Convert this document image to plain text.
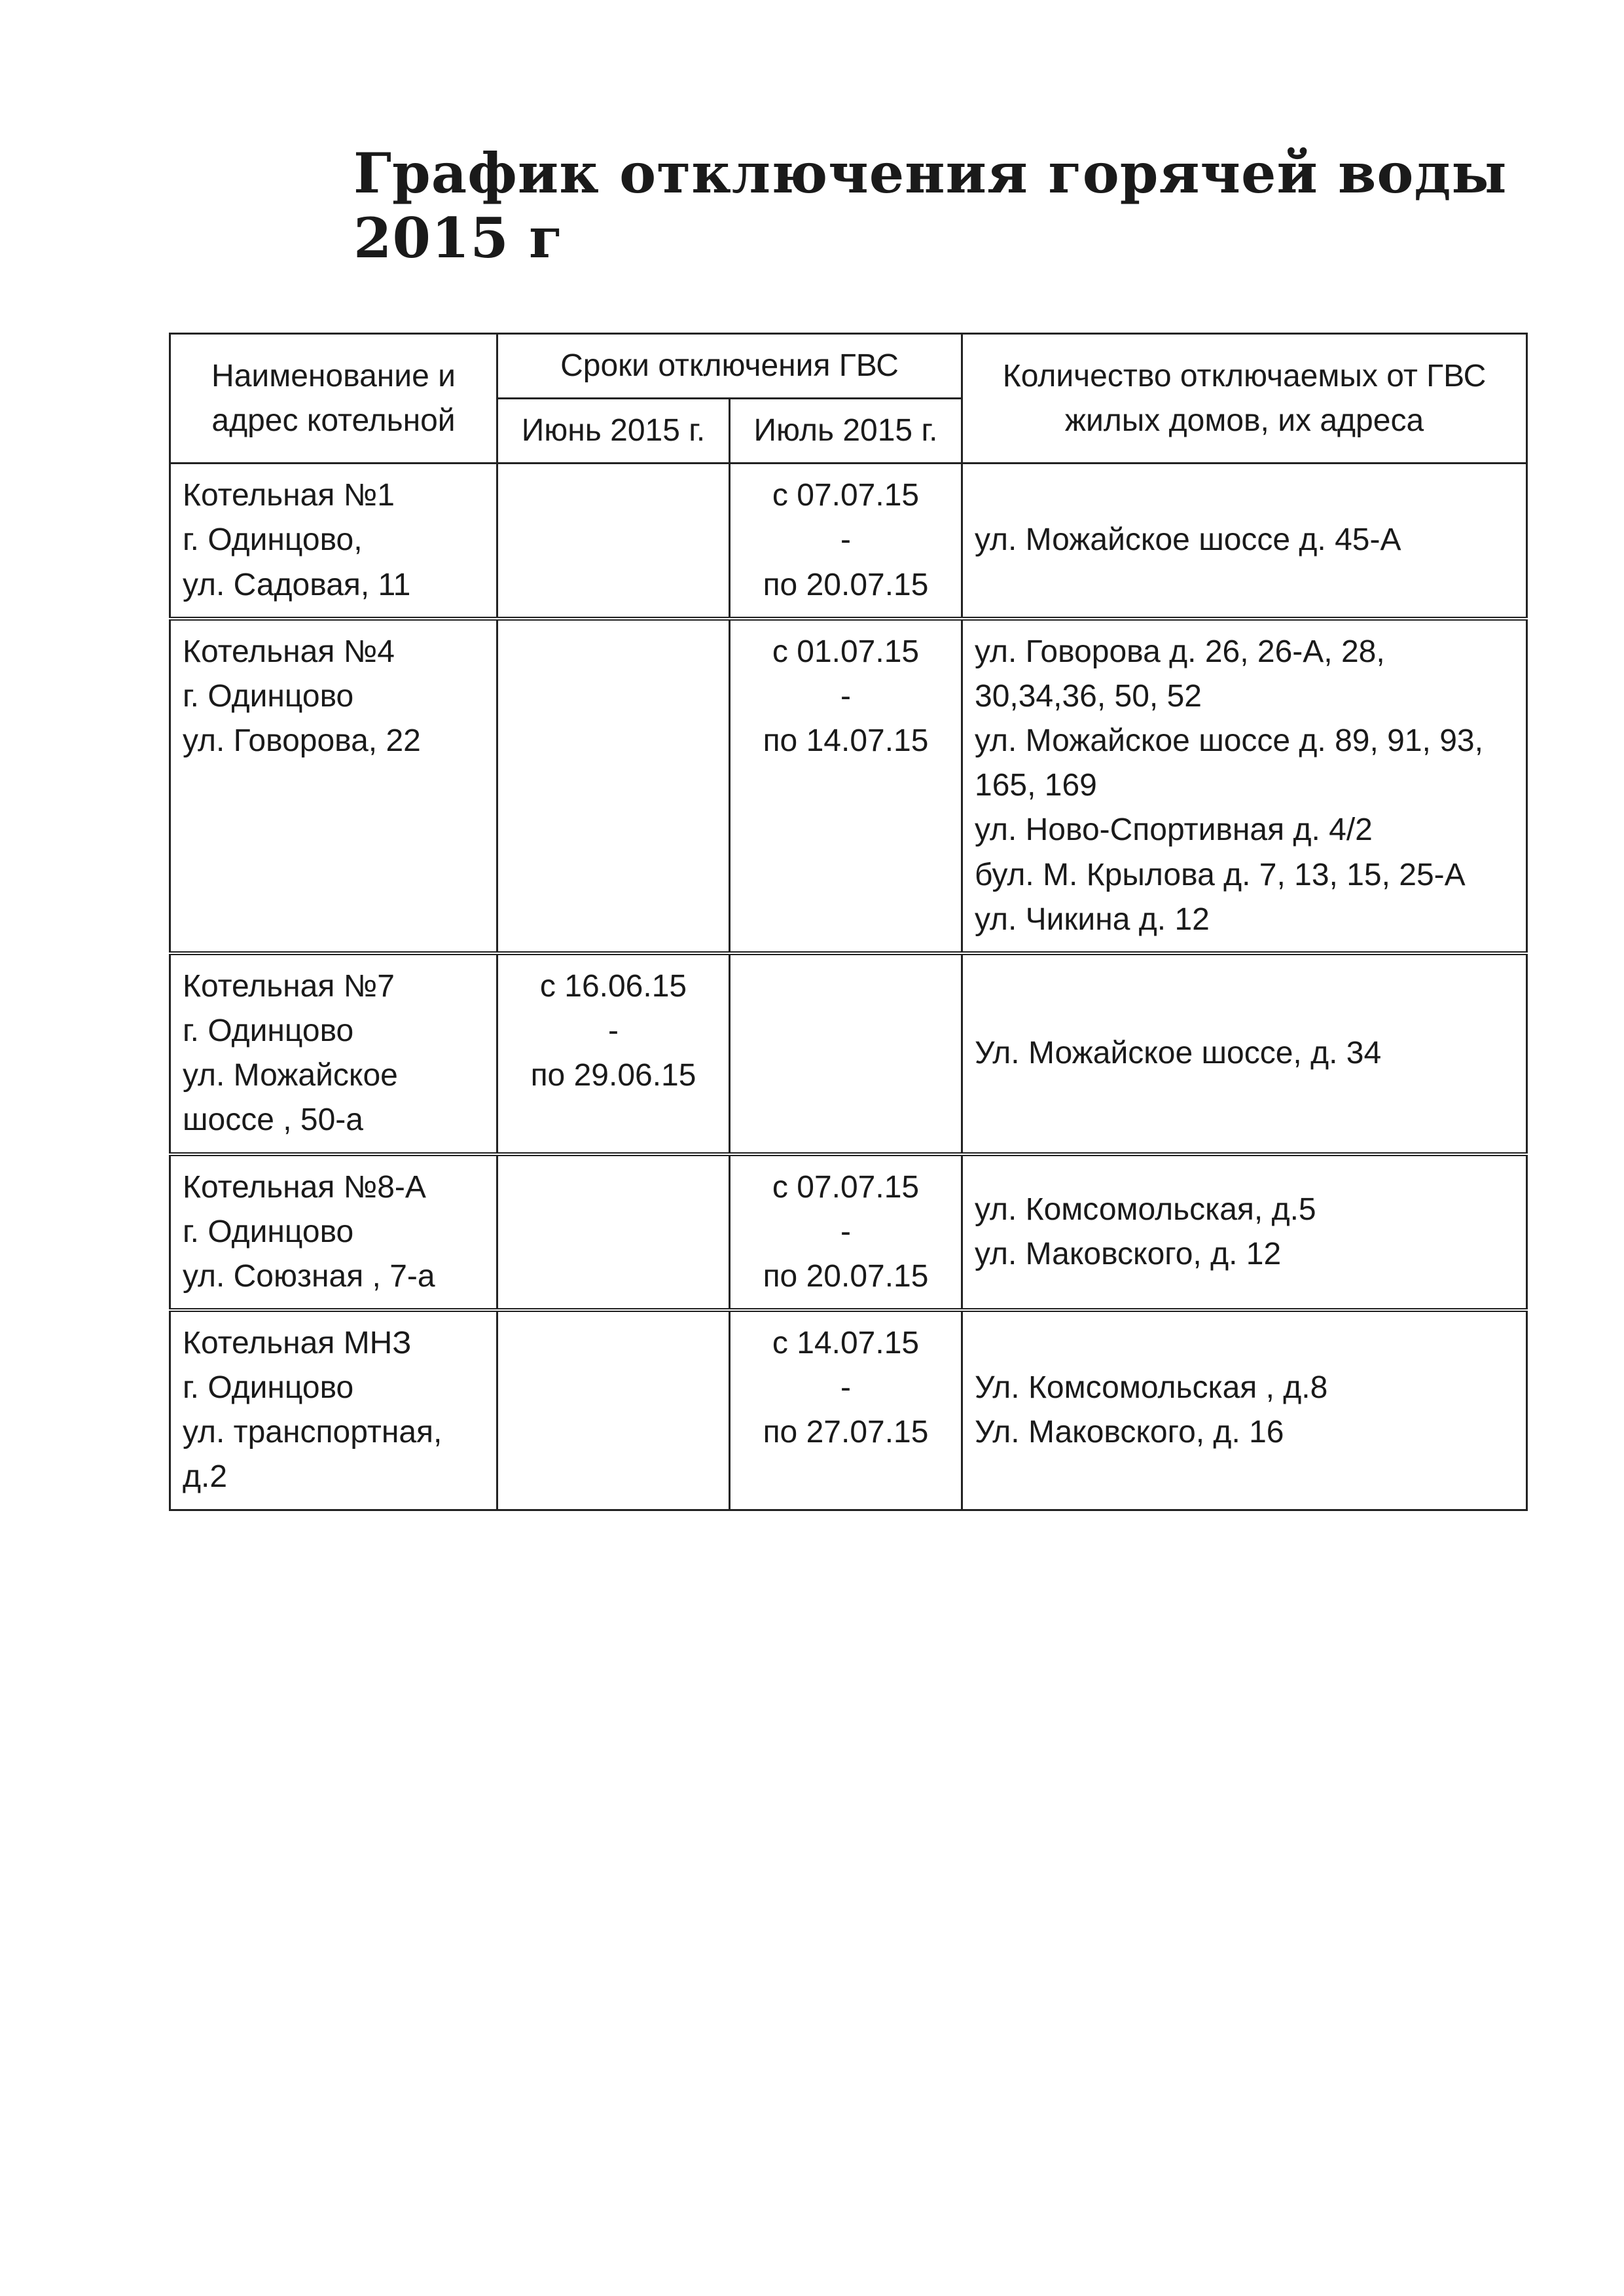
График отключения горячей воды 2015 г
Наименование и адрес котельной	Сроки отключения ГВС		Количество отключаемых от ГВС жилых домов, их адреса
	Июнь 2015 г.	Июль 2015 г.	

Котельная №1
г. Одинцово,
ул. Садовая, 11		с 07.07.15
-
по 20.07.15	ул. Можайское шоссе д. 45-А

Котельная №4
г. Одинцово
ул. Говорова, 22		с 01.07.15
-
по 14.07.15	ул. Говорова д. 26, 26-А, 28, 30,34,36, 50, 52
ул. Можайское шоссе д. 89, 91, 93, 165, 169
ул. Ново-Спортивная д. 4/2
бул. М. Крылова д. 7, 13, 15, 25-А
ул. Чикина д. 12

Котельная №7
г. Одинцово
ул. Можайское шоссе , 50-а	с 16.06.15
-
по 29.06.15		Ул. Можайское шоссе, д. 34

Котельная №8-А
г. Одинцово
ул. Союзная , 7-а		с 07.07.15
-
по 20.07.15	ул. Комсомольская, д.5
ул. Маковского, д. 12

Котельная МНЗ
г. Одинцово
ул. транспортная, д.2		с 14.07.15
-
по 27.07.15	Ул. Комсомольская , д.8
Ул. Маковского, д. 16
